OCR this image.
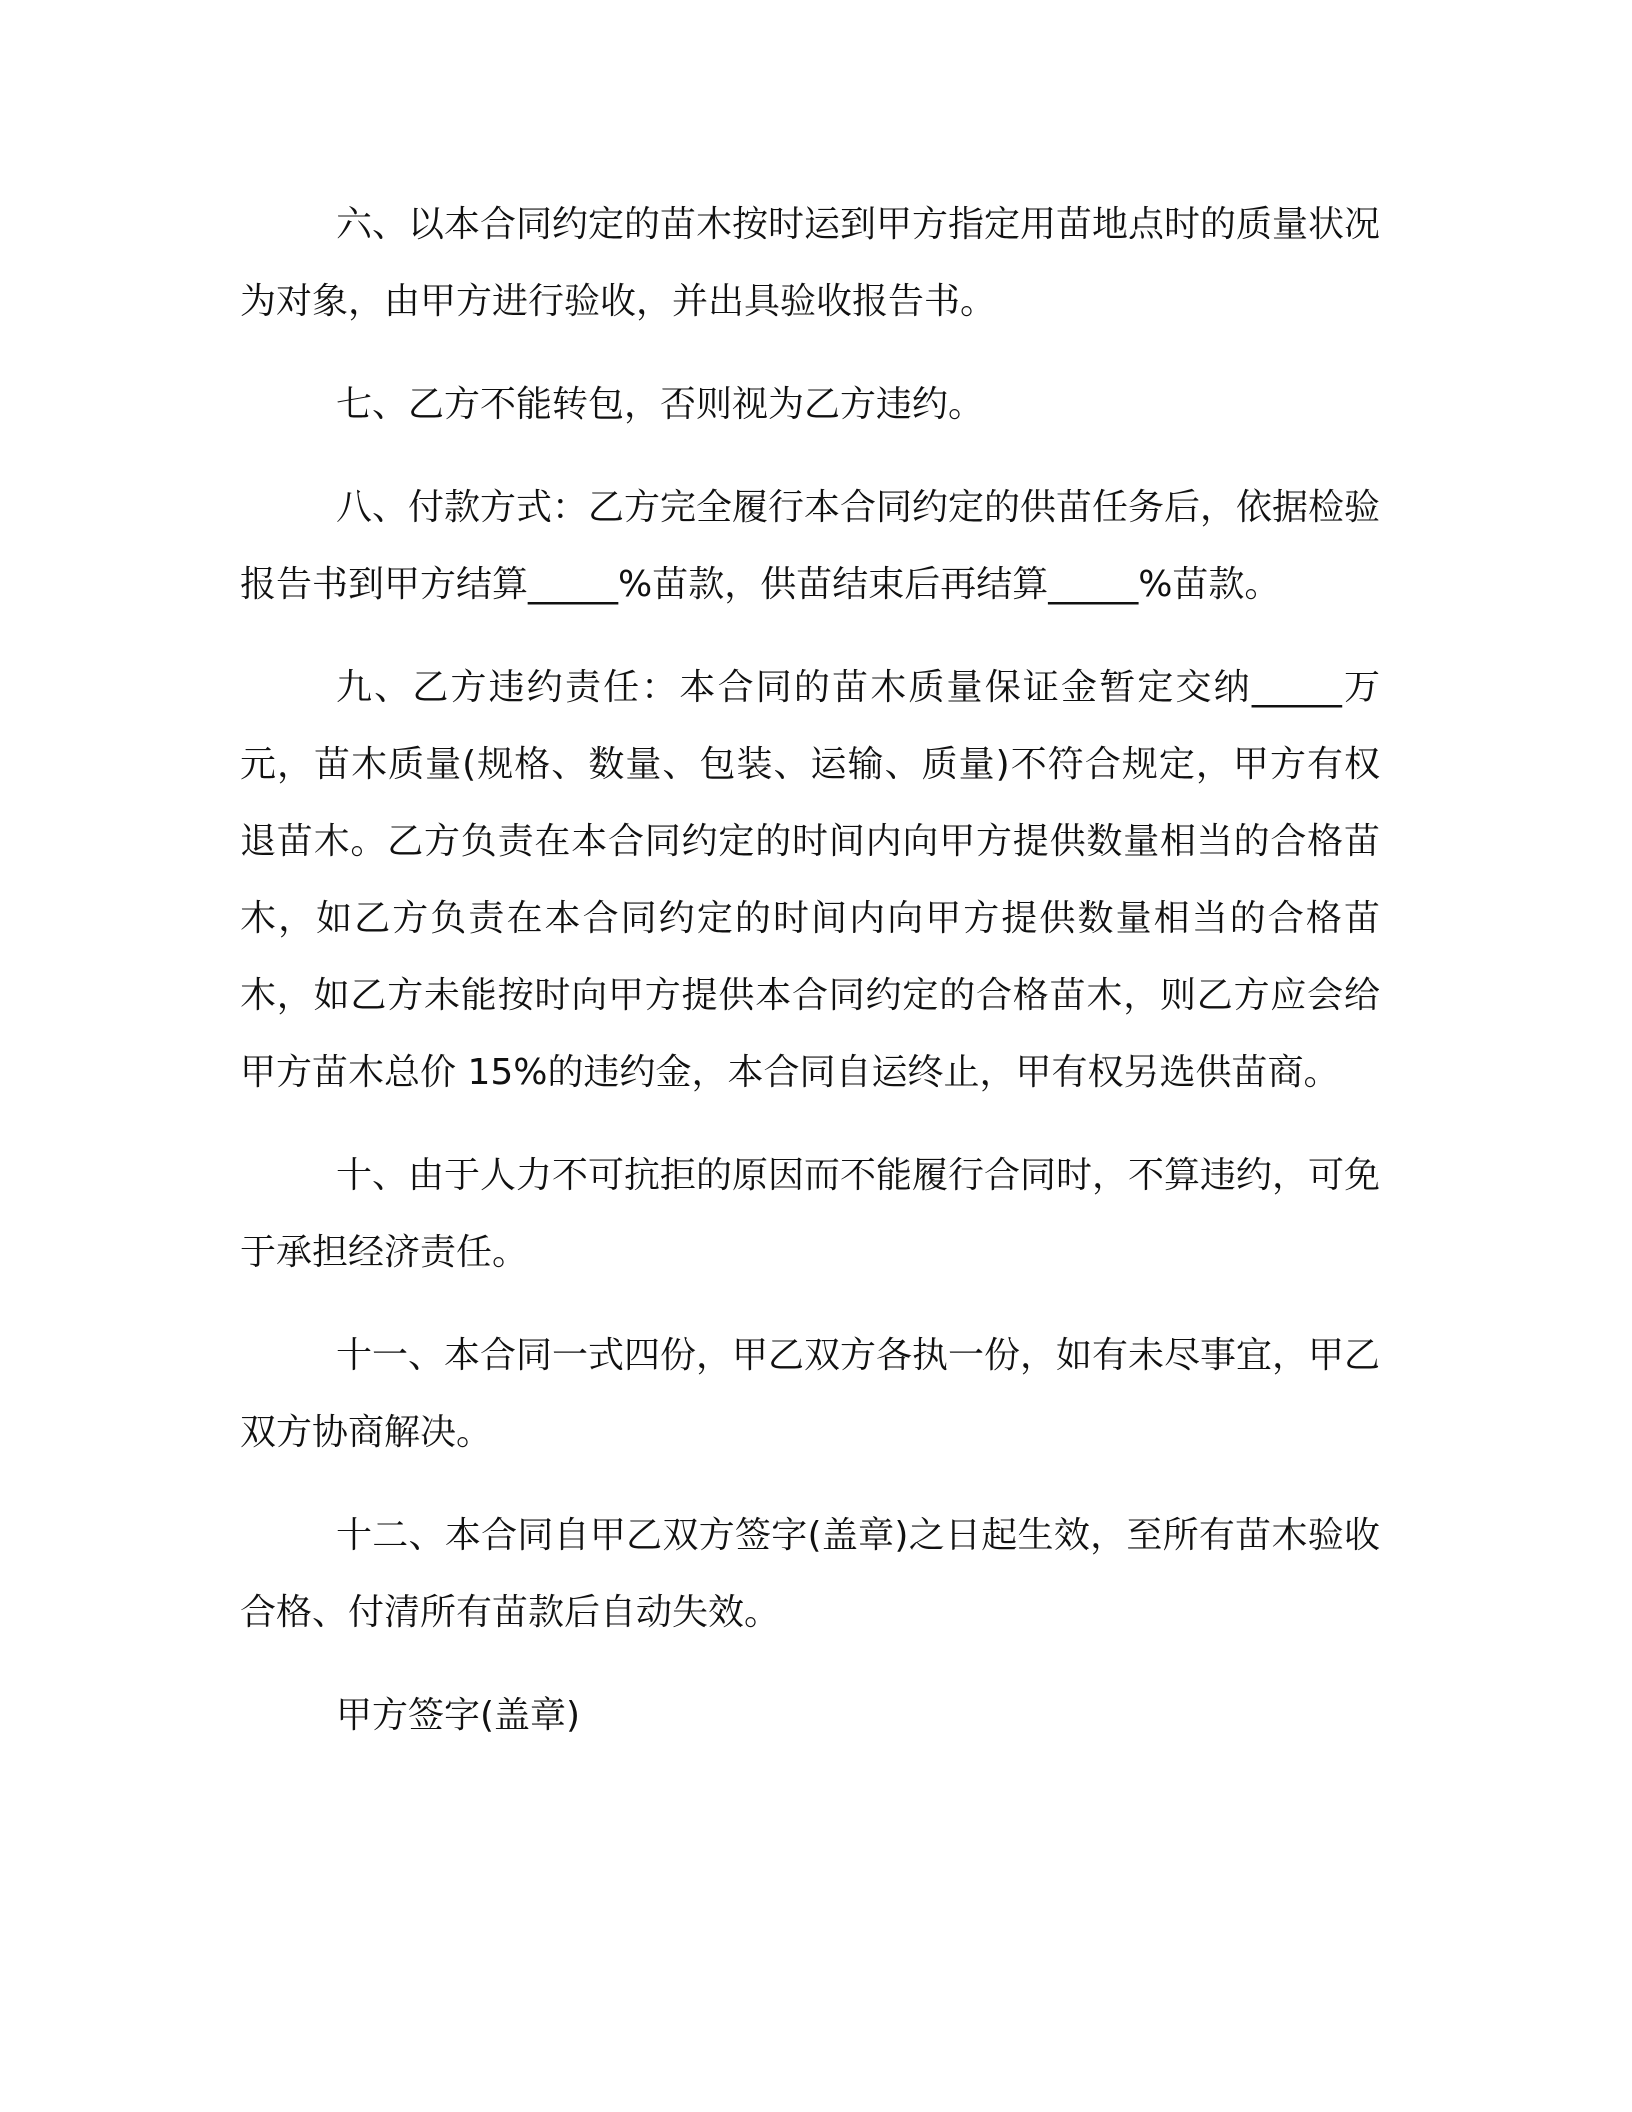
六、以本合同约定的苗木按时运到甲方指定用苗地点时的质量状况为对象，由甲方进行验收，并出具验收报告书。

七、乙方不能转包，否则视为乙方违约。

八、付款方式：乙方完全履行本合同约定的供苗任务后，依据检验报告书到甲方结算_____%苗款，供苗结束后再结算_____%苗款。

九、乙方违约责任：本合同的苗木质量保证金暂定交纳_____万元，苗木质量(规格、数量、包装、运输、质量)不符合规定，甲方有权退苗木。乙方负责在本合同约定的时间内向甲方提供数量相当的合格苗木，如乙方负责在本合同约定的时间内向甲方提供数量相当的合格苗木，如乙方未能按时向甲方提供本合同约定的合格苗木，则乙方应会给甲方苗木总价 15%的违约金，本合同自运终止，甲有权另选供苗商。

十、由于人力不可抗拒的原因而不能履行合同时，不算违约，可免于承担经济责任。

十一、本合同一式四份，甲乙双方各执一份，如有未尽事宜，甲乙双方协商解决。

十二、本合同自甲乙双方签字(盖章)之日起生效，至所有苗木验收合格、付清所有苗款后自动失效。

甲方签字(盖章)
